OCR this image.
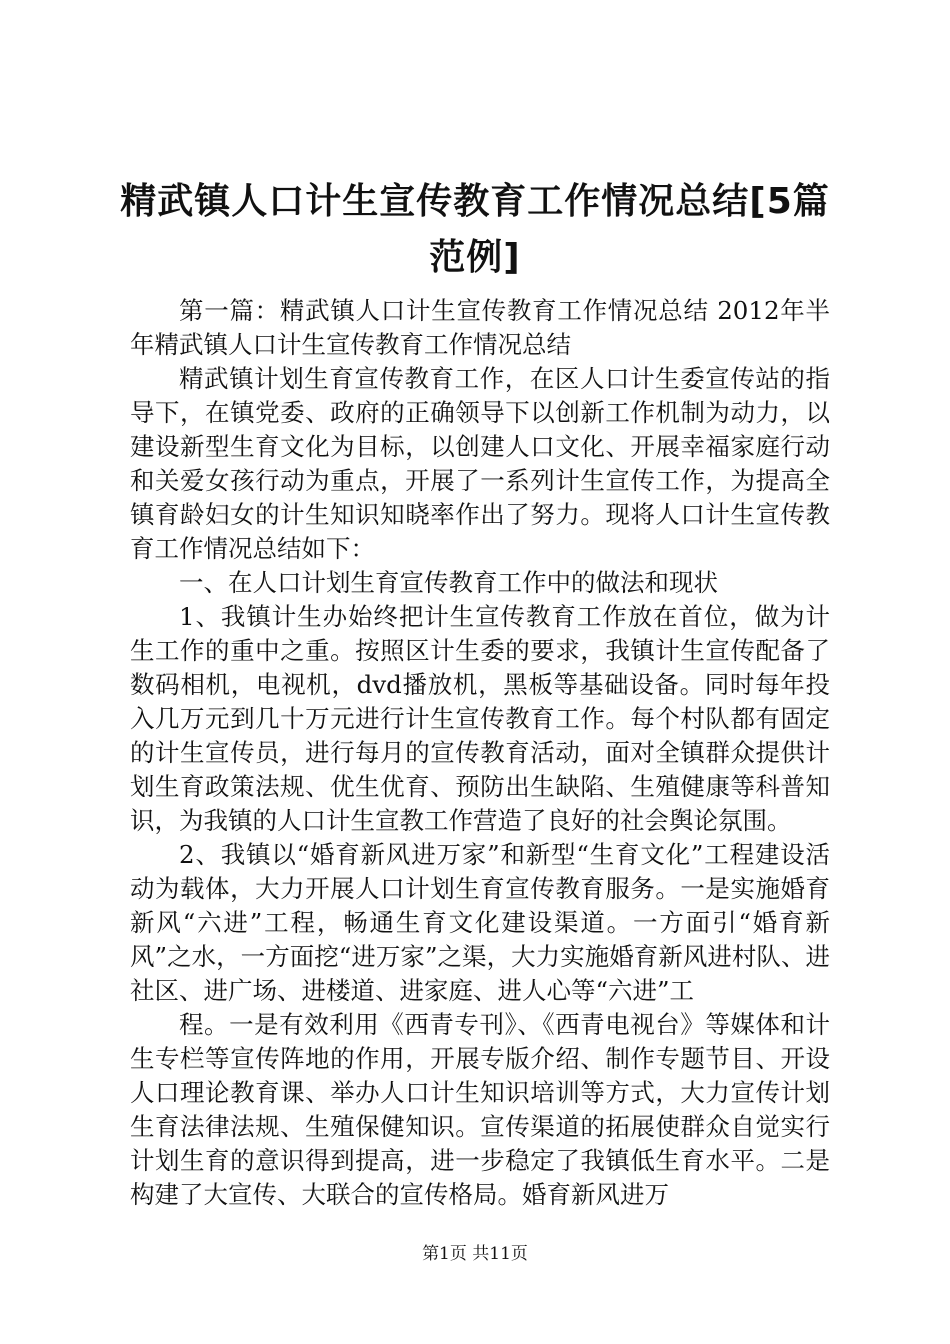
精武镇人口计生宣传教育工作情况总结[5篇范例]

第一篇：精武镇人口计生宣传教育工作情况总结 2012年半年精武镇人口计生宣传教育工作情况总结

精武镇计划生育宣传教育工作，在区人口计生委宣传站的指导下，在镇党委、政府的正确领导下以创新工作机制为动力，以建设新型生育文化为目标，以创建人口文化、开展幸福家庭行动和关爱女孩行动为重点，开展了一系列计生宣传工作，为提高全镇育龄妇女的计生知识知晓率作出了努力。现将人口计生宣传教育工作情况总结如下：

一、在人口计划生育宣传教育工作中的做法和现状

1、我镇计生办始终把计生宣传教育工作放在首位，做为计生工作的重中之重。按照区计生委的要求，我镇计生宣传配备了数码相机，电视机，dvd播放机，黑板等基础设备。同时每年投入几万元到几十万元进行计生宣传教育工作。每个村队都有固定的计生宣传员，进行每月的宣传教育活动，面对全镇群众提供计划生育政策法规、优生优育、预防出生缺陷、生殖健康等科普知识，为我镇的人口计生宣教工作营造了良好的社会舆论氛围。

2、我镇以“婚育新风进万家”和新型“生育文化”工程建设活动为载体，大力开展人口计划生育宣传教育服务。一是实施婚育新风“六进”工程，畅通生育文化建设渠道。一方面引“婚育新风”之水，一方面挖“进万家”之渠，大力实施婚育新风进村队、进社区、进广场、进楼道、进家庭、进人心等“六进”工

程。一是有效利用《西青专刊》、《西青电视台》等媒体和计生专栏等宣传阵地的作用，开展专版介绍、制作专题节目、开设人口理论教育课、举办人口计生知识培训等方式，大力宣传计划生育法律法规、生殖保健知识。宣传渠道的拓展使群众自觉实行计划生育的意识得到提高，进一步稳定了我镇低生育水平。二是构建了大宣传、大联合的宣传格局。婚育新风进万

第1页 共11页
